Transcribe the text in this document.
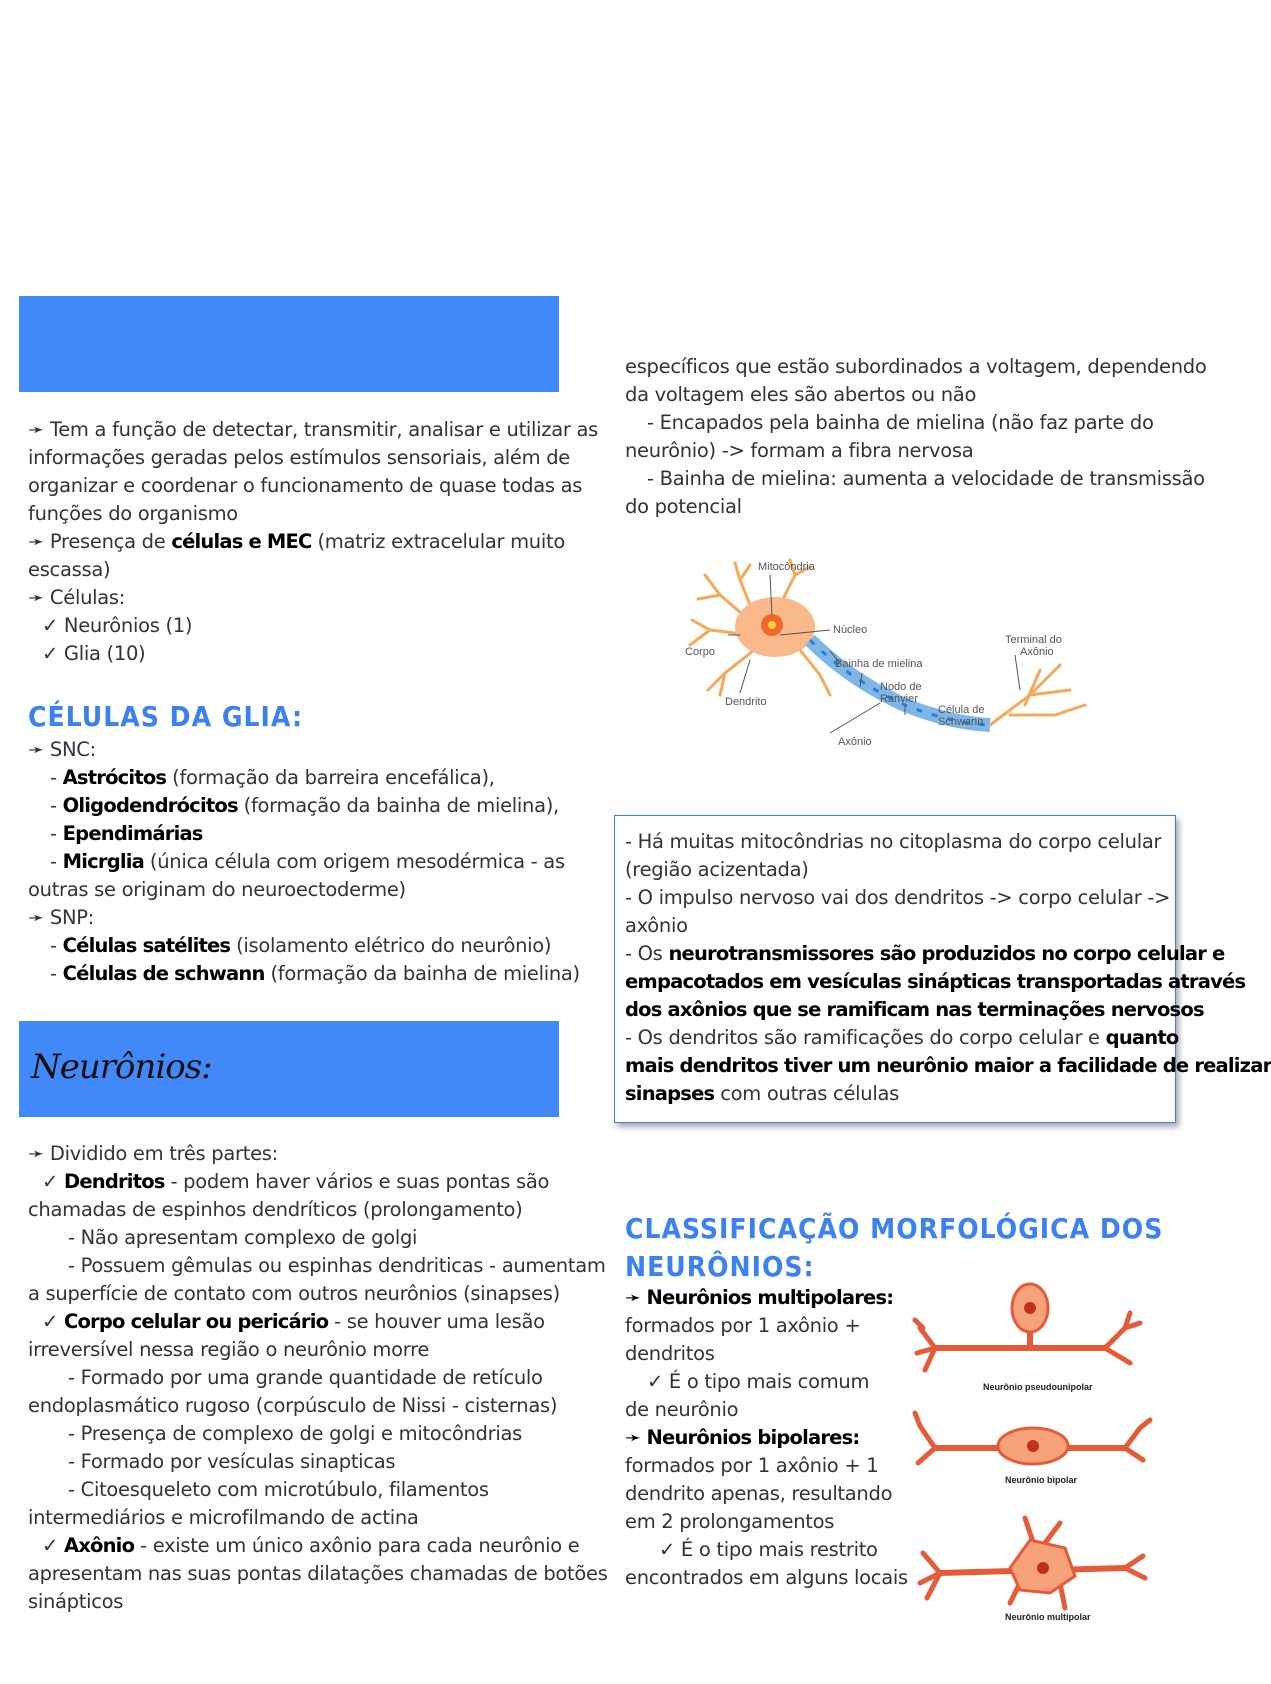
➛ Tem a função de detectar, transmitir, analisar e utilizar as
informações geradas pelos estímulos sensoriais, além de
organizar e coordenar o funcionamento de quase todas as
funções do organismo
➛ Presença de células e MEC (matriz extracelular muito
escassa)
➛ Células:
✓ Neurônios (1)
✓ Glia (10)
CÉLULAS DA GLIA:
➛ SNC:
- Astrócitos (formação da barreira encefálica),
- Oligodendrócitos (formação da bainha de mielina),
- Ependimárias
- Micrglia (única célula com origem mesodérmica - as
outras se originam do neuroectoderme)
➛ SNP:
- Células satélites (isolamento elétrico do neurônio)
- Células de schwann (formação da bainha de mielina)
Neurônios:
➛ Dividido em três partes:
✓ Dendritos - podem haver vários e suas pontas são
chamadas de espinhos dendríticos (prolongamento)
- Não apresentam complexo de golgi
- Possuem gêmulas ou espinhas dendriticas - aumentam
a superfície de contato com outros neurônios (sinapses)
✓ Corpo celular ou pericário - se houver uma lesão
irreversível nessa região o neurônio morre
- Formado por uma grande quantidade de retículo
endoplasmático rugoso (corpúsculo de Nissi - cisternas)
- Presença de complexo de golgi e mitocôndrias
- Formado por vesículas sinapticas
- Citoesqueleto com microtúbulo, filamentos
intermediários e microfilmando de actina
✓ Axônio - existe um único axônio para cada neurônio e
apresentam nas suas pontas dilatações chamadas de botões
sinápticos
específicos que estão subordinados a voltagem, dependendo
da voltagem eles são abertos ou não
- Encapados pela bainha de mielina (não faz parte do
neurônio) -> formam a fibra nervosa
- Bainha de mielina: aumenta a velocidade de transmissão
do potencial
Mitocôndria
Núcleo
Corpo
Bainha de mielina
Terminal do
Axônio
Nodo de
Ranvier
Dendrito
Célula de
Schwann
Axônio
- Há muitas mitocôndrias no citoplasma do corpo celular
(região acizentada)
- O impulso nervoso vai dos dendritos -> corpo celular ->
axônio
- Os neurotransmissores são produzidos no corpo celular e
empacotados em vesículas sinápticas transportadas através
dos axônios que se ramificam nas terminações nervosos
- Os dendritos são ramificações do corpo celular e quanto
mais dendritos tiver um neurônio maior a facilidade de realizar
sinapses com outras células
CLASSIFICAÇÃO MORFOLÓGICA DOS
NEURÔNIOS:
➛ Neurônios multipolares:
formados por 1 axônio +
dendritos
✓ É o tipo mais comum
de neurônio
➛ Neurônios bipolares:
formados por 1 axônio + 1
dendrito apenas, resultando
em 2 prolongamentos
✓ É o tipo mais restrito
encontrados em alguns locais
Neurônio pseudounipolar
Neurônio bipolar
Neurônio multipolar
